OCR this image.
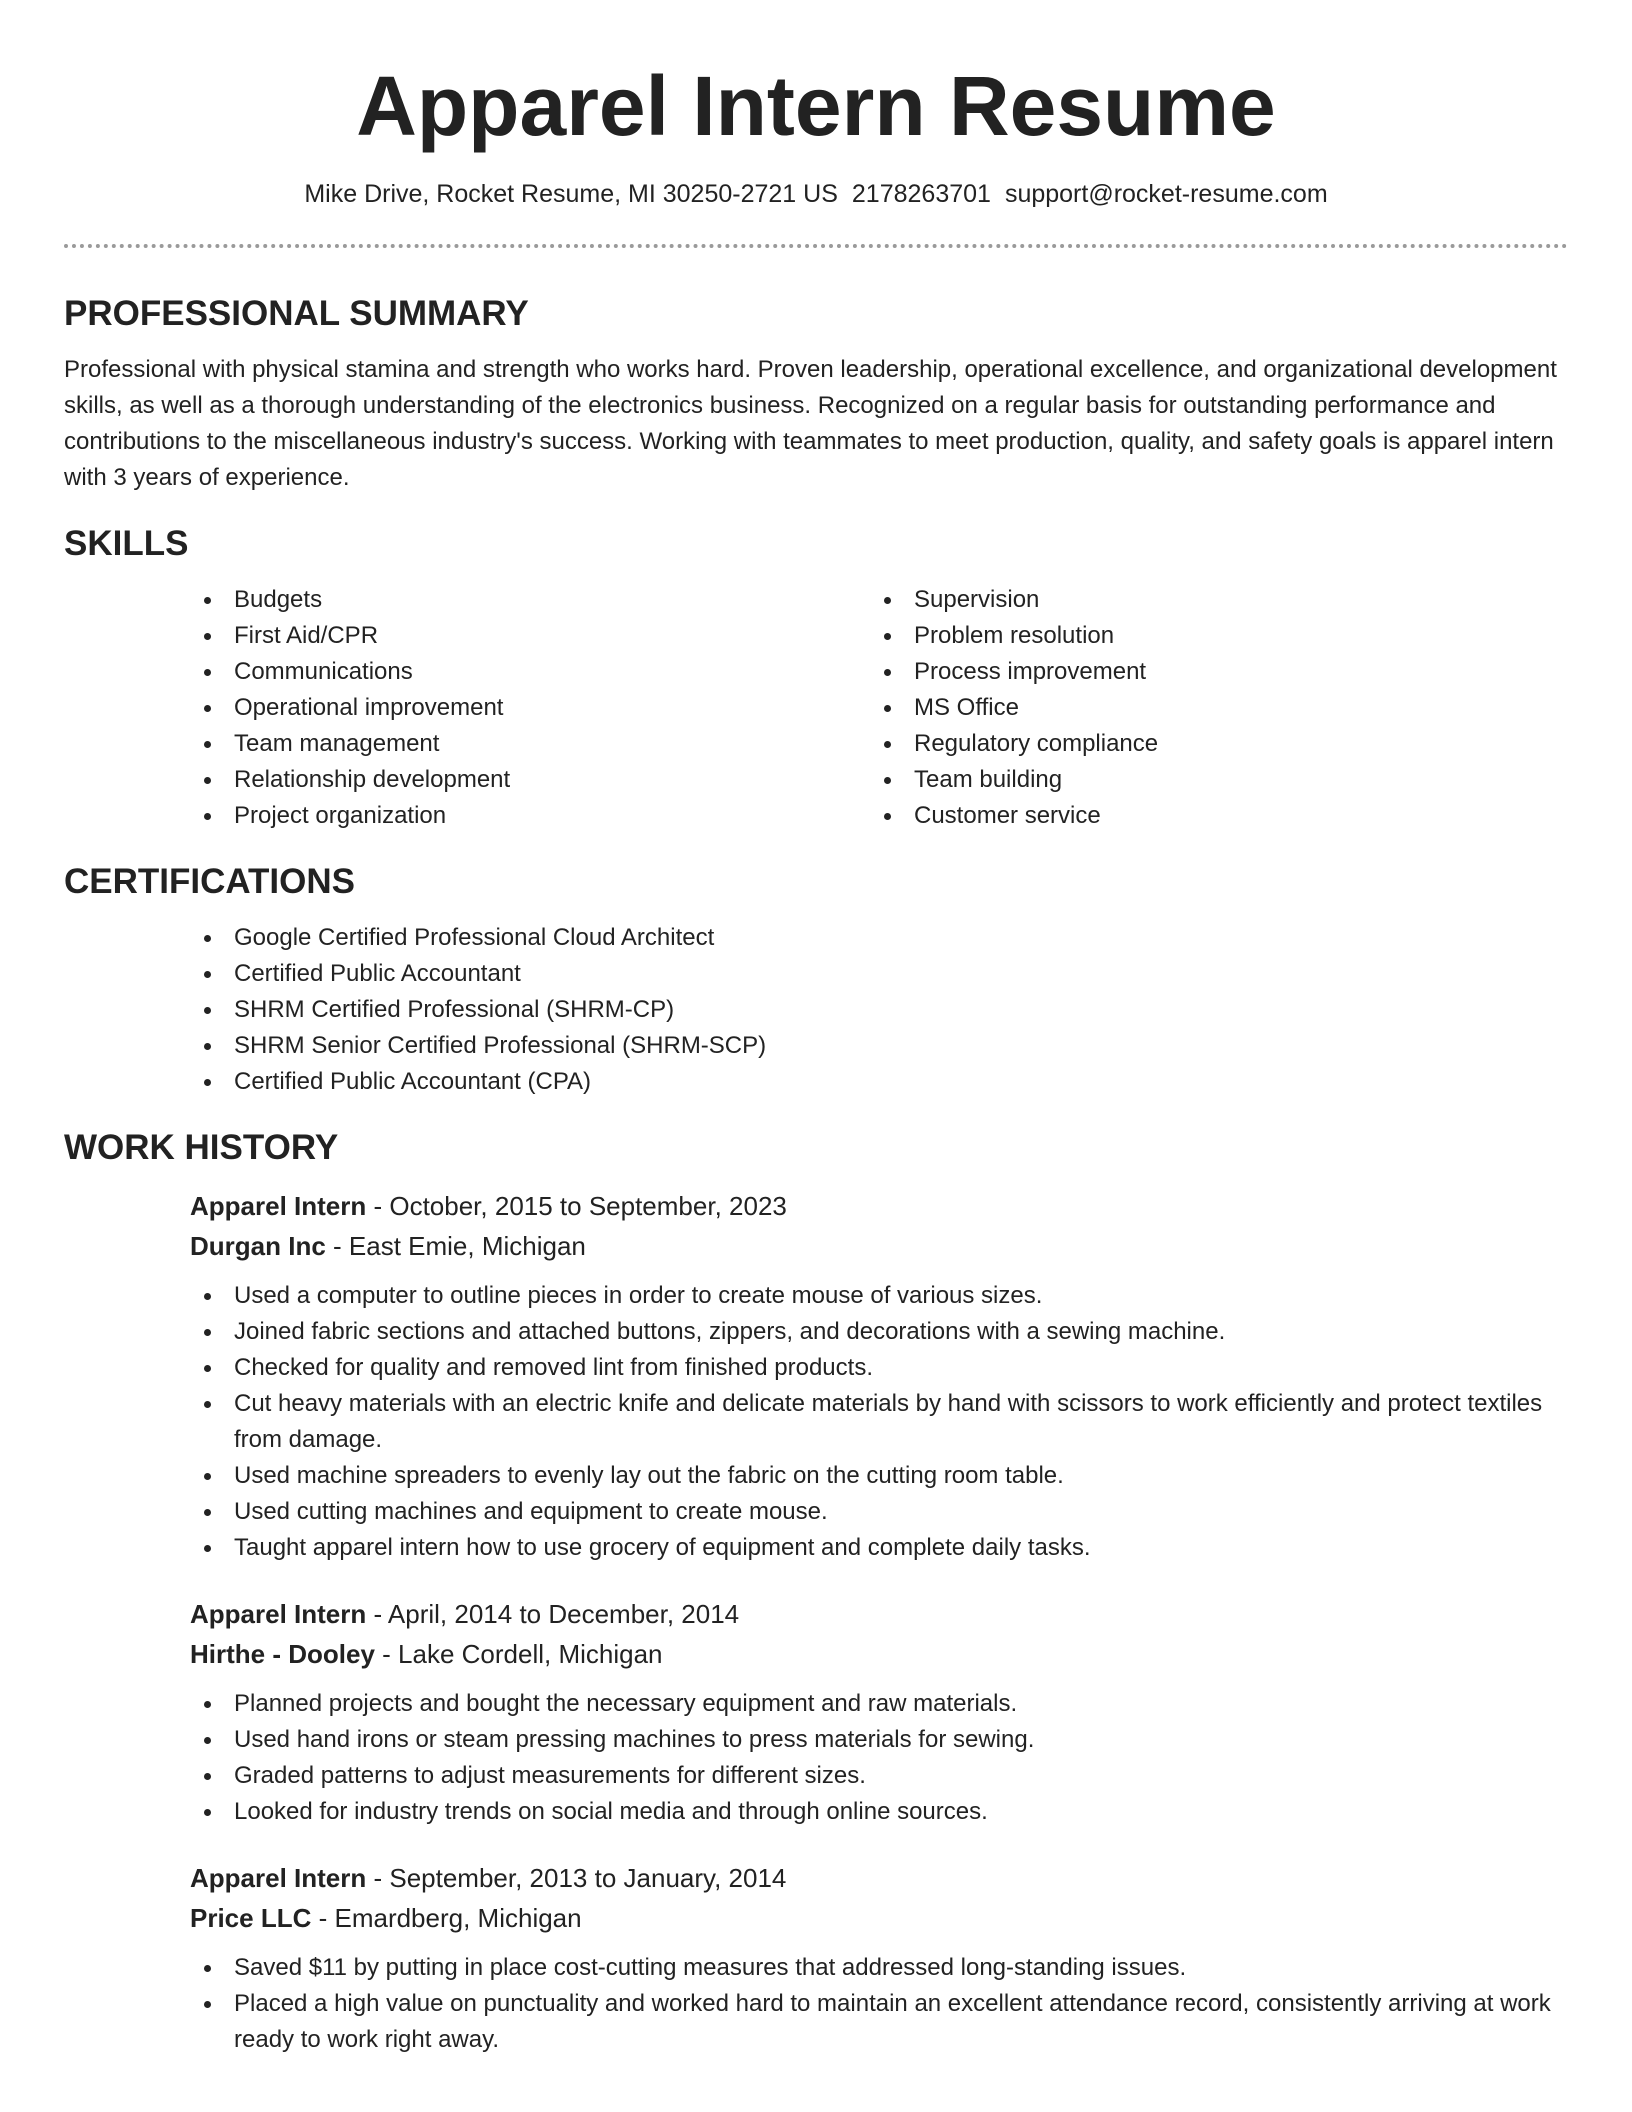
Apparel Intern Resume
Mike Drive, Rocket Resume, MI 30250-2721 US 2178263701 support@rocket-resume.com
PROFESSIONAL SUMMARY

Professional with physical stamina and strength who works hard. Proven leadership, operational excellence, and organizational development skills, as well as a thorough understanding of the electronics business. Recognized on a regular basis for outstanding performance and contributions to the miscellaneous industry's success. Working with teammates to meet production, quality, and safety goals is apparel intern with 3 years of experience.

SKILLS
Budgets
First Aid/CPR
Communications
Operational improvement
Team management
Relationship development
Project organization
Supervision
Problem resolution
Process improvement
MS Office
Regulatory compliance
Team building
Customer service
CERTIFICATIONS
Google Certified Professional Cloud Architect
Certified Public Accountant
SHRM Certified Professional (SHRM-CP)
SHRM Senior Certified Professional (SHRM-SCP)
Certified Public Accountant (CPA)
WORK HISTORY
Apparel Intern - October, 2015 to September, 2023
Durgan Inc - East Emie, Michigan
Used a computer to outline pieces in order to create mouse of various sizes.
Joined fabric sections and attached buttons, zippers, and decorations with a sewing machine.
Checked for quality and removed lint from finished products.
Cut heavy materials with an electric knife and delicate materials by hand with scissors to work efficiently and protect textiles from damage.
Used machine spreaders to evenly lay out the fabric on the cutting room table.
Used cutting machines and equipment to create mouse.
Taught apparel intern how to use grocery of equipment and complete daily tasks.
Apparel Intern - April, 2014 to December, 2014
Hirthe - Dooley - Lake Cordell, Michigan
Planned projects and bought the necessary equipment and raw materials.
Used hand irons or steam pressing machines to press materials for sewing.
Graded patterns to adjust measurements for different sizes.
Looked for industry trends on social media and through online sources.
Apparel Intern - September, 2013 to January, 2014
Price LLC - Emardberg, Michigan
Saved $11 by putting in place cost-cutting measures that addressed long-standing issues.
Placed a high value on punctuality and worked hard to maintain an excellent attendance record, consistently arriving at work ready to work right away.
